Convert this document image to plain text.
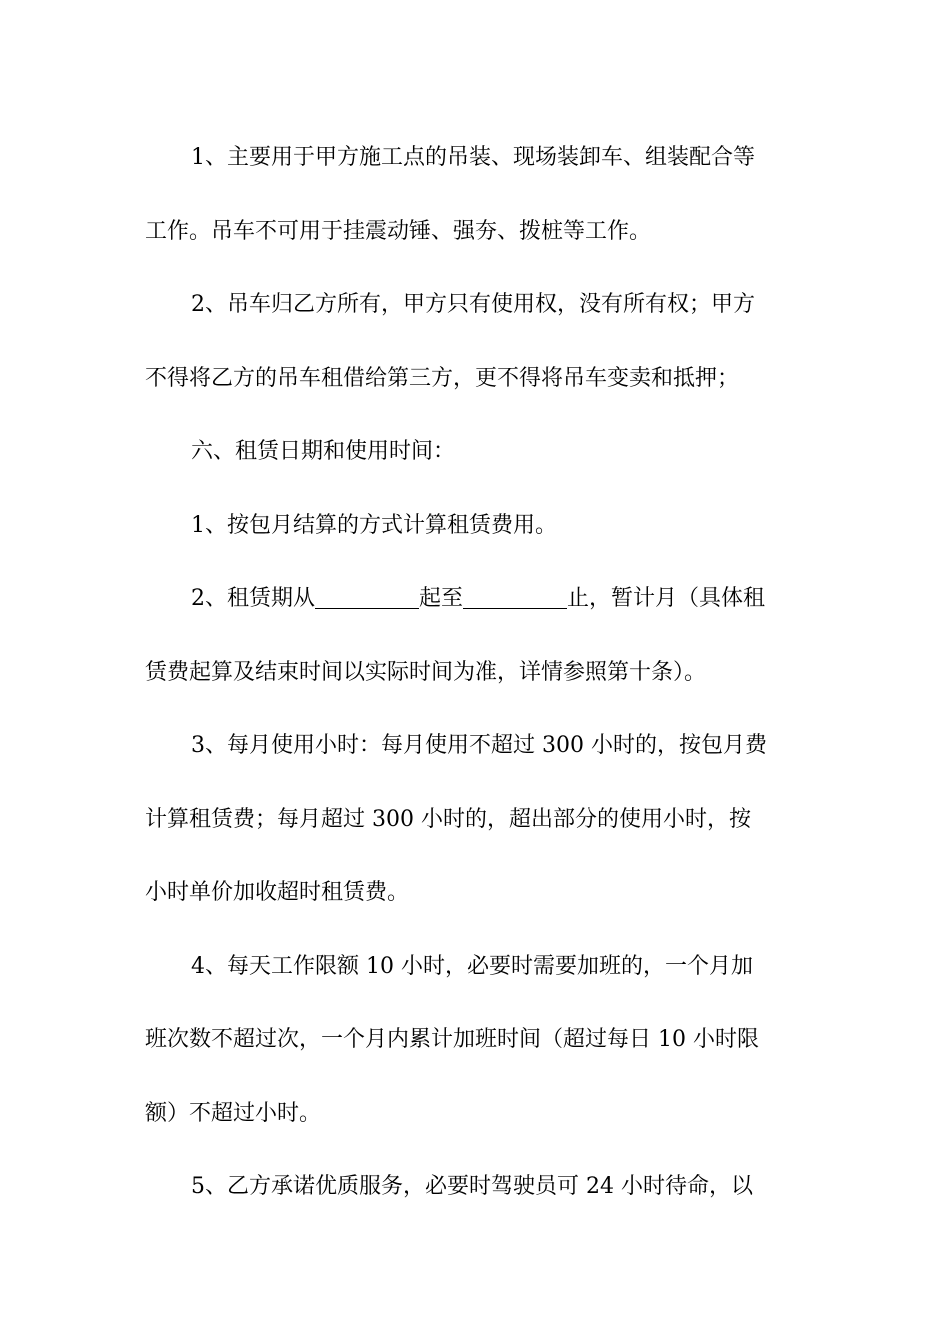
1、主要用于甲方施工点的吊装、现场装卸车、组装配合等
工作。吊车不可用于挂震动锤、强夯、拨桩等工作。
2、吊车归乙方所有，甲方只有使用权，没有所有权；甲方
不得将乙方的吊车租借给第三方，更不得将吊车变卖和抵押；
六、租赁日期和使用时间：
1、按包月结算的方式计算租赁费用。
2、租赁期从	起至	止，暂计月（具体租
赁费起算及结束时间以实际时间为准，详情参照第十条）。
3、每月使用小时：每月使用不超过 300 小时的，按包月费
计算租赁费；每月超过 300 小时的，超出部分的使用小时，按
小时单价加收超时租赁费。
4、每天工作限额 10 小时，必要时需要加班的，一个月加
班次数不超过次，一个月内累计加班时间（超过每日 10 小时限
额）不超过小时。
5、乙方承诺优质服务，必要时驾驶员可 24 小时待命，以
